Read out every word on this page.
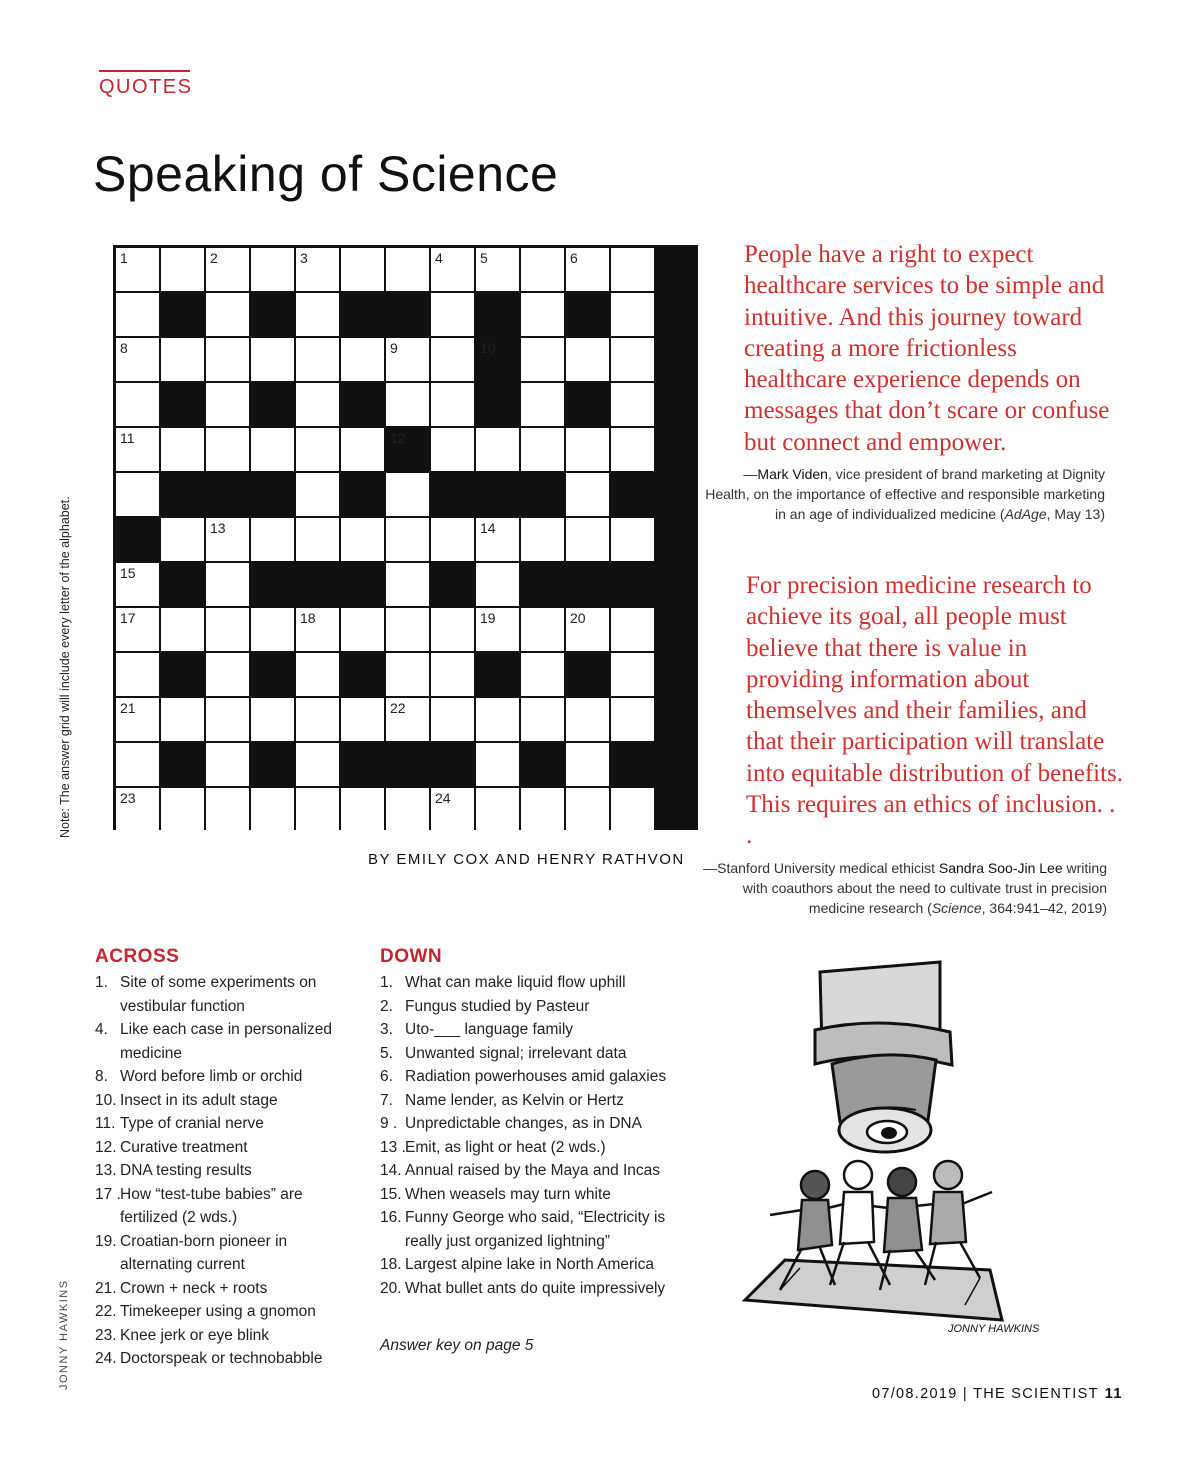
QUOTES
Speaking of Science
Note: The answer grid will include every letter of the alphabet.
1	2	3	4	5	6
8	9	10
11	12
13	14
15
17	18	19	20
21	22
23	24
BY EMILY COX AND HENRY RATHVON

People have a right to expect healthcare services to be simple and intuitive. And this journey toward creating a more frictionless healthcare experience depends on messages that don’t scare or confuse but connect and empower.

—Mark Viden, vice president of brand marketing at Dignity Health, on the importance of effective and responsible marketing in an age of individualized medicine (AdAge, May 13)

For precision medicine research to achieve its goal, all people must believe that there is value in providing information about themselves and their families, and that their participation will translate into equitable distribution of benefits. This requires an ethics of inclusion. . .

—Stanford University medical ethicist Sandra Soo-Jin Lee writing with coauthors about the need to cultivate trust in precision medicine research (Science, 364:941–42, 2019)

ACROSS
1. Site of some experiments on vestibular function
4. Like each case in personalized medicine
8. Word before limb or orchid
10. Insect in its adult stage
11. Type of cranial nerve
12. Curative treatment
13. DNA testing results
17 . How “test-tube babies” are fertilized (2 wds.)
19. Croatian-born pioneer in alternating current
21. Crown + neck + roots
22. Timekeeper using a gnomon
23. Knee jerk or eye blink
24. Doctorspeak or technobabble
DOWN
1. What can make liquid flow uphill
2. Fungus studied by Pasteur
3. Uto-___ language family
5. Unwanted signal; irrelevant data
6. Radiation powerhouses amid galaxies
7. Name lender, as Kelvin or Hertz
9 . Unpredictable changes, as in DNA
13 . Emit, as light or heat (2 wds.)
14. Annual raised by the Maya and Incas
15. When weasels may turn white
16. Funny George who said, “Electricity is really just organized lightning”
18. Largest alpine lake in North America
20. What bullet ants do quite impressively
Answer key on page 5
JONNY HAWKINS	JONNY HAWKINS
07/08.2019 | THE SCIENTIST 11
